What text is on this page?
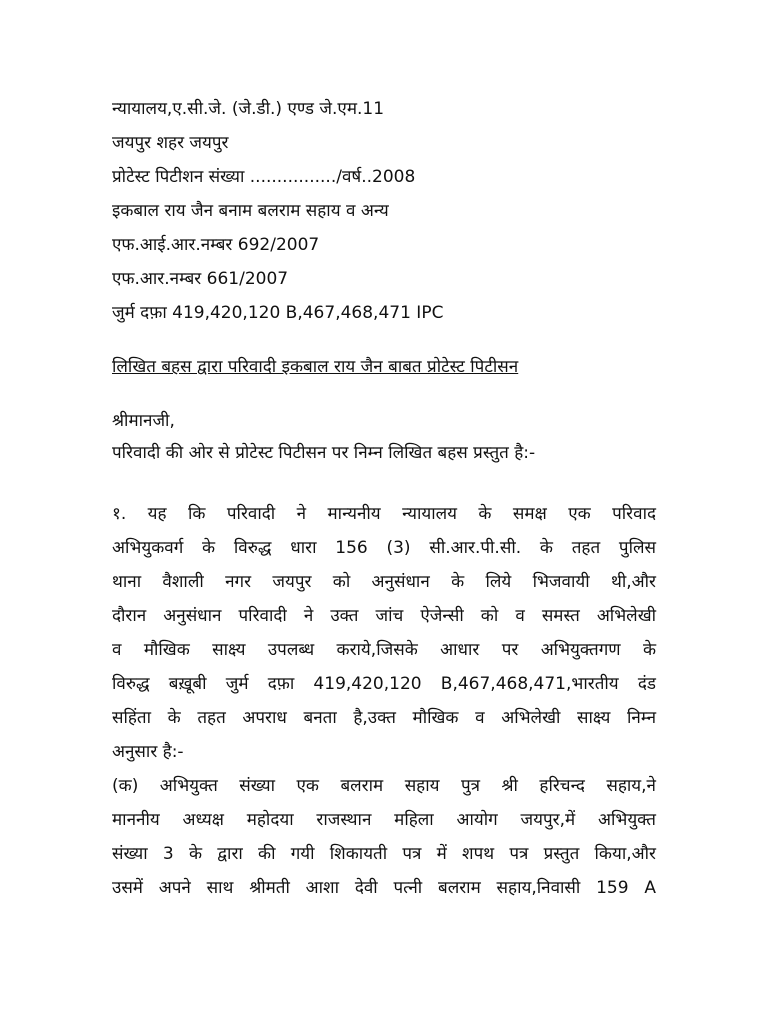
न्यायालय,ए.सी.जे. (जे.डी.) एण्ड जे.एम.11
जयपुर शहर जयपुर
प्रोटेस्ट पिटीशन संख्या ................/वर्ष..2008
इकबाल राय जैन बनाम बलराम सहाय व अन्य
एफ.आई.आर.नम्बर 692/2007
एफ.आर.नम्बर 661/2007
जुर्म दफ़ा 419,420,120 B,467,468,471 IPC
लिखित बहस द्वारा परिवादी इकबाल राय जैन बाबत प्रोटेस्ट पिटीसन
श्रीमानजी,
परिवादी की ओर से प्रोटेस्ट पिटीसन पर निम्न लिखित बहस प्रस्तुत है:-
१. यह कि परिवादी ने मान्यनीय न्यायालय के समक्ष एक परिवाद
अभियुकवर्ग के विरुद्ध धारा 156 (3) सी.आर.पी.सी. के तहत पुलिस
थाना वैशाली नगर जयपुर को अनुसंधान के लिये भिजवायी थी,और
दौरान अनुसंधान परिवादी ने उक्त जांच ऐजेन्सी को व समस्त अभिलेखी
व मौखिक साक्ष्य उपलब्ध कराये,जिसके आधार पर अभियुक्तगण के
विरुद्ध बख़ूबी जुर्म दफ़ा 419,420,120 B,467,468,471,भारतीय दंड
सहिंता के तहत अपराध बनता है,उक्त मौखिक व अभिलेखी साक्ष्य निम्न
अनुसार है:-
(क) अभियुक्त संख्या एक बलराम सहाय पुत्र श्री हरिचन्द सहाय,ने
माननीय अध्यक्ष महोदया राजस्थान महिला आयोग जयपुर,में अभियुक्त
संख्या 3 के द्वारा की गयी शिकायती पत्र में शपथ पत्र प्रस्तुत किया,और
उसमें अपने साथ श्रीमती आशा देवी पत्नी बलराम सहाय,निवासी 159 A
